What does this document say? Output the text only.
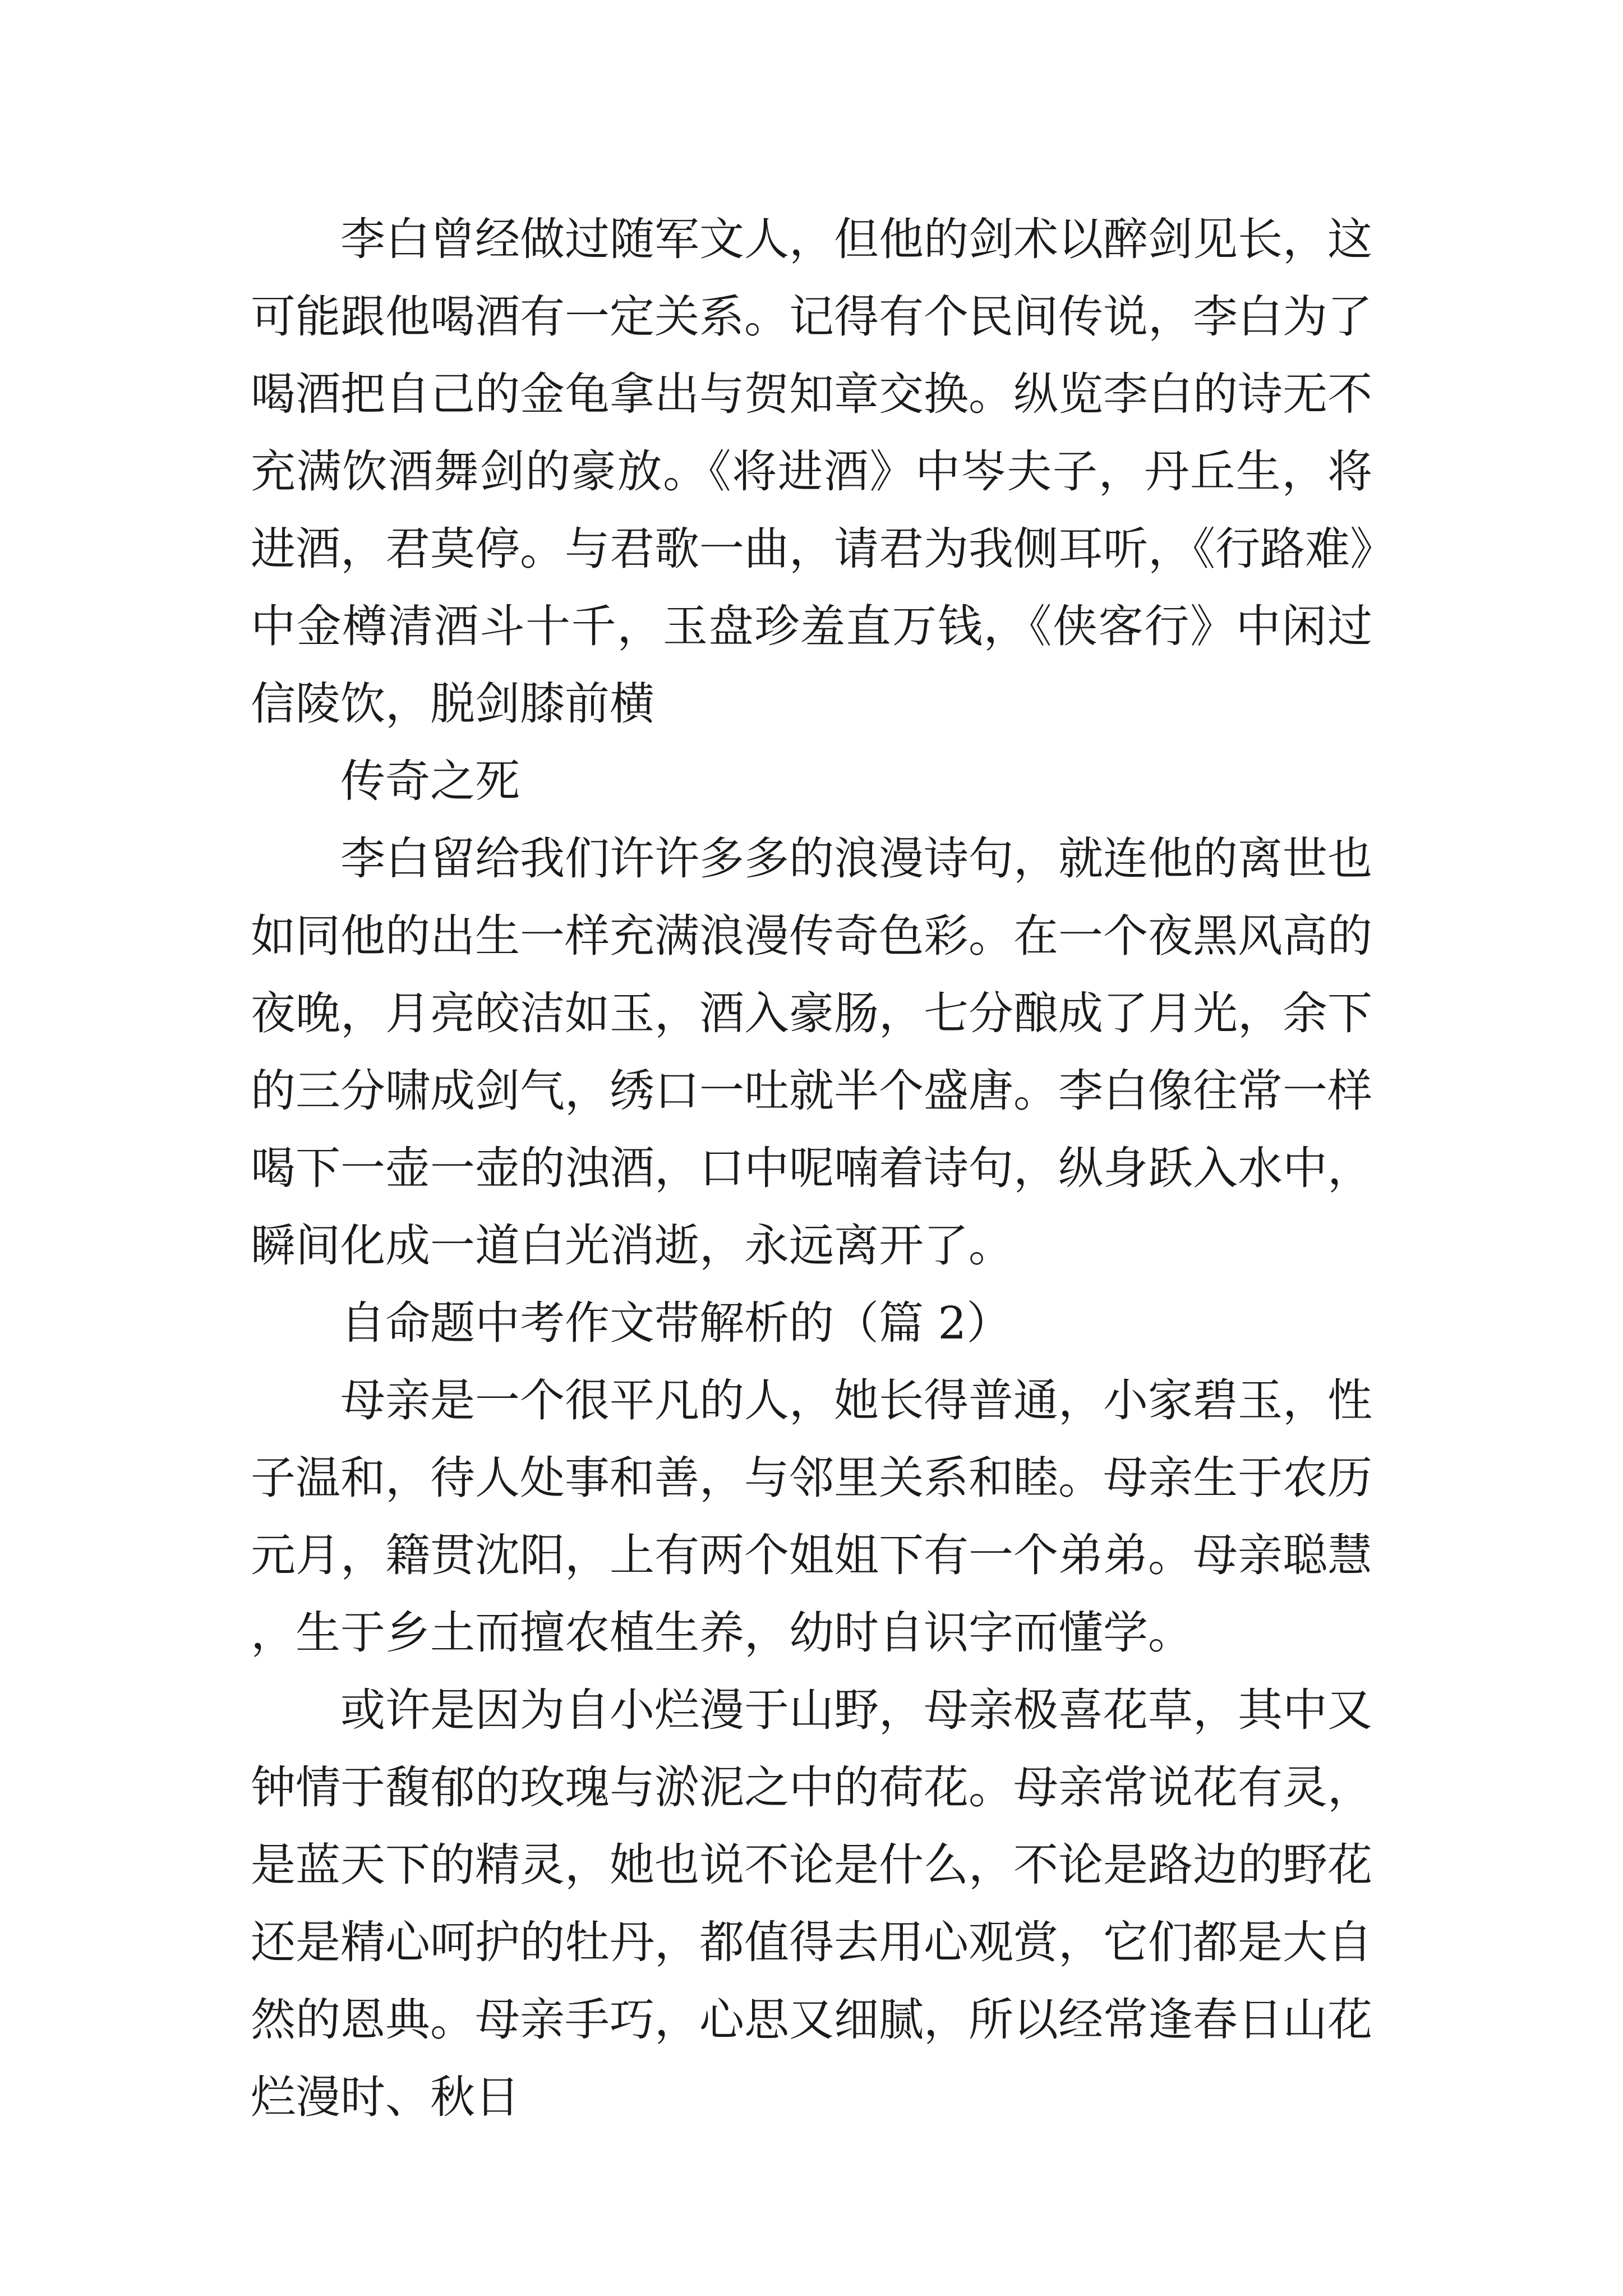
李白曾经做过随军文人，但他的剑术以醉剑见长，这可能跟他喝酒有一定关系。记得有个民间传说，李白为了喝酒把自己的金龟拿出与贺知章交换。纵览李白的诗无不充满饮酒舞剑的豪放。《将进酒》中岑夫子，丹丘生，将进酒，君莫停。与君歌一曲，请君为我侧耳听，《行路难》中金樽清酒斗十千，玉盘珍羞直万钱，《侠客行》中闲过信陵饮，脱剑膝前横

传奇之死

李白留给我们许许多多的浪漫诗句，就连他的离世也如同他的出生一样充满浪漫传奇色彩。在一个夜黑风高的夜晚，月亮皎洁如玉，酒入豪肠，七分酿成了月光，余下的三分啸成剑气，绣口一吐就半个盛唐。李白像往常一样喝下一壶一壶的浊酒，口中呢喃着诗句，纵身跃入水中，瞬间化成一道白光消逝，永远离开了。

自命题中考作文带解析的（篇 2）

母亲是一个很平凡的人，她长得普通，小家碧玉，性子温和，待人处事和善，与邻里关系和睦。母亲生于农历元月，籍贯沈阳，上有两个姐姐下有一个弟弟。母亲聪慧，生于乡土而擅农植生养，幼时自识字而懂学。

或许是因为自小烂漫于山野，母亲极喜花草，其中又钟情于馥郁的玫瑰与淤泥之中的荷花。母亲常说花有灵，是蓝天下的精灵，她也说不论是什么，不论是路边的野花还是精心呵护的牡丹，都值得去用心观赏，它们都是大自然的恩典。母亲手巧，心思又细腻，所以经常逢春日山花烂漫时、秋日
